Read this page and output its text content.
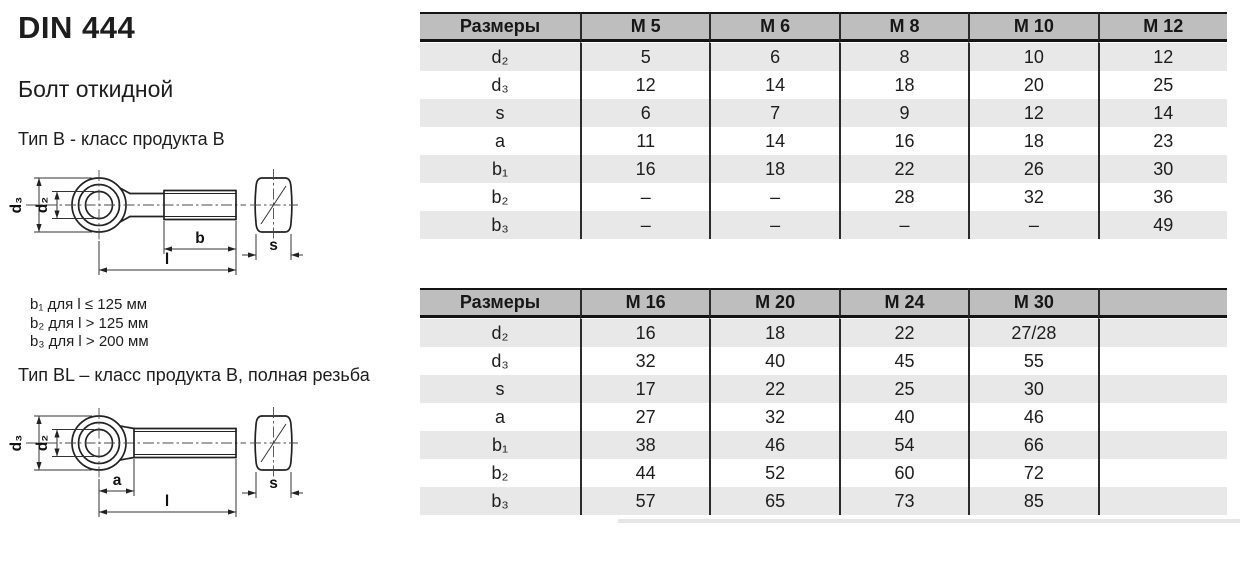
DIN 444
Болт откидной
Тип B - класс продукта B
d₃ d₂
s
b
l
b₁ для l ≤ 125 мм
b₂ для l > 125 мм
b₃ для l > 200 мм
Тип BL – класс продукта B, полная резьба
d₃ d₂
s
a
l
Размеры	M 5	M 6	M 8	M 10	M 12
d₂	5	6	8	10	12
d₃	12	14	18	20	25
s	6	7	9	12	14
a	11	14	16	18	23
b₁	16	18	22	26	30
b₂	–	–	28	32	36
b₃	–	–	–	–	49
Размеры	M 16	M 20	M 24	M 30	
d₂	16	18	22	27/28	
d₃	32	40	45	55	
s	17	22	25	30	
a	27	32	40	46	
b₁	38	46	54	66	
b₂	44	52	60	72	
b₃	57	65	73	85	
